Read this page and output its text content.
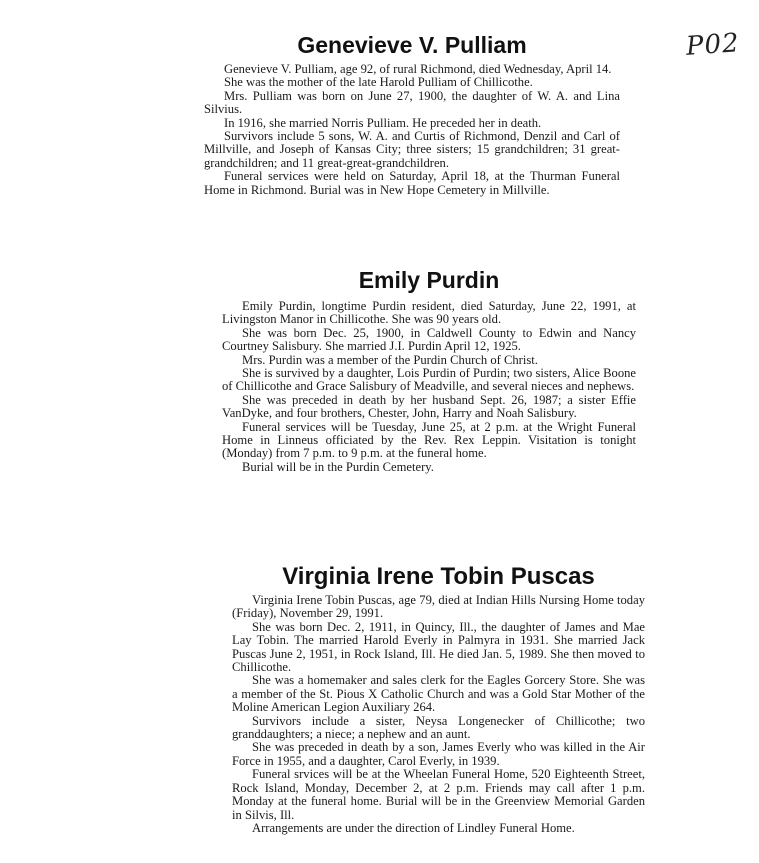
P02
Genevieve V. Pulliam

Genevieve V. Pulliam, age 92, of rural Richmond, died Wednesday, April 14.

She was the mother of the late Harold Pulliam of Chillicothe.

Mrs. Pulliam was born on June 27, 1900, the daughter of W. A. and Lina Silvius.

In 1916, she married Norris Pulliam. He preceded her in death.

Survivors include 5 sons, W. A. and Curtis of Richmond, Denzil and Carl of Millville, and Joseph of Kansas City; three sisters; 15 grandchildren; 31 great-grandchildren; and 11 great-great-grandchildren.

Funeral services were held on Saturday, April 18, at the Thurman Funeral Home in Richmond. Burial was in New Hope Cemetery in Millville.

Emily Purdin

Emily Purdin, longtime Purdin resident, died Saturday, June 22, 1991, at Livingston Manor in Chillicothe. She was 90 years old.

She was born Dec. 25, 1900, in Caldwell County to Edwin and Nancy Courtney Salisbury. She married J.I. Purdin April 12, 1925.

Mrs. Purdin was a member of the Purdin Church of Christ.

She is survived by a daughter, Lois Purdin of Purdin; two sisters, Alice Boone of Chillicothe and Grace Salisbury of Meadville, and several nieces and nephews.

She was preceded in death by her husband Sept. 26, 1987; a sister Effie VanDyke, and four brothers, Chester, John, Harry and Noah Salisbury.

Funeral services will be Tuesday, June 25, at 2 p.m. at the Wright Funeral Home in Linneus officiated by the Rev. Rex Leppin. Visitation is tonight (Monday) from 7 p.m. to 9 p.m. at the funeral home.

Burial will be in the Purdin Cemetery.

Virginia Irene Tobin Puscas

Virginia Irene Tobin Puscas, age 79, died at Indian Hills Nursing Home today (Friday), November 29, 1991.

She was born Dec. 2, 1911, in Quincy, Ill., the daughter of James and Mae Lay Tobin. The married Harold Everly in Palmyra in 1931. She married Jack Puscas June 2, 1951, in Rock Island, Ill. He died Jan. 5, 1989. She then moved to Chillicothe.

She was a homemaker and sales clerk for the Eagles Gorcery Store. She was a member of the St. Pious X Catholic Church and was a Gold Star Mother of the Moline American Legion Auxiliary 264.

Survivors include a sister, Neysa Longenecker of Chillicothe; two granddaughters; a niece; a nephew and an aunt.

She was preceded in death by a son, James Everly who was killed in the Air Force in 1955, and a daughter, Carol Everly, in 1939.

Funeral srvices will be at the Wheelan Funeral Home, 520 Eighteenth Street, Rock Island, Monday, December 2, at 2 p.m. Friends may call after 1 p.m. Monday at the funeral home. Burial will be in the Greenview Memorial Garden in Silvis, Ill.

Arrangements are under the direction of Lindley Funeral Home.
